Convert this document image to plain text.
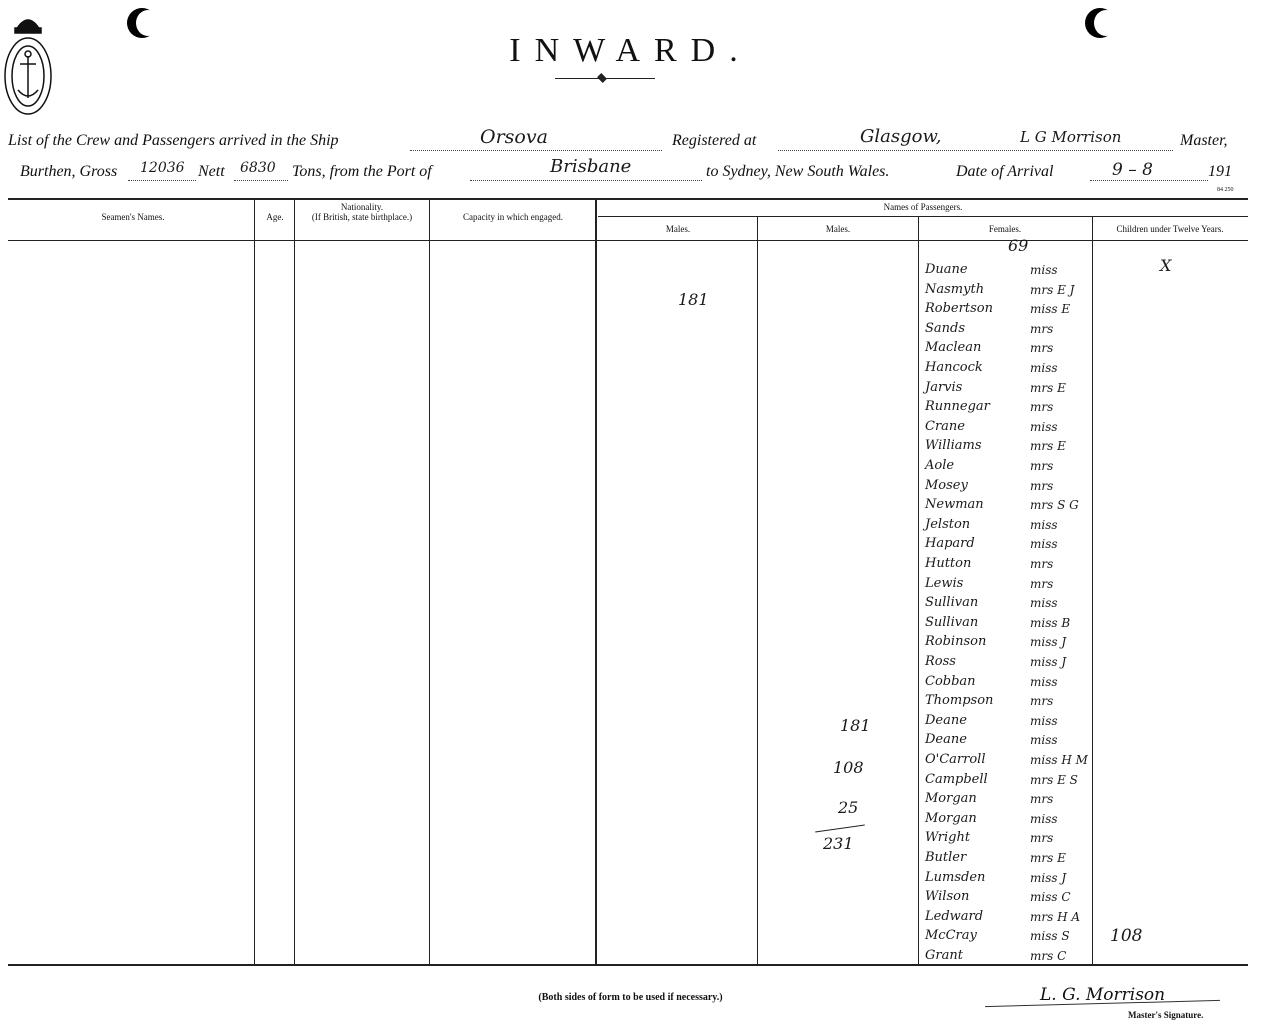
INWARD.
List of the Crew and Passengers arrived in the Ship	Orsova	Registered at	Glasgow,	L G Morrison	Master,
Burthen, Gross 12036 Nett 6830 Tons, from the Port of	Brisbane	to Sydney, New South Wales.	Date of Arrival	9 – 8	191
84 250
Seamen's Names.	Age.
Nationality.
(If British, state birthplace.)	Capacity in which engaged.
Names of Passengers.
Males.	Males.	Females.	Children under Twelve Years.
69
X
181
181
108
25
231
108
Duane	miss
Nasmyth	mrs E J
Robertson	miss E
Sands	mrs
Maclean	mrs
Hancock	miss
Jarvis	mrs E
Runnegar	mrs
Crane	miss
Williams	mrs E
Aole	mrs
Mosey	mrs
Newman	mrs S G
Jelston	miss
Hapard	miss
Hutton	mrs
Lewis	mrs
Sullivan	miss
Sullivan	miss B
Robinson	miss J
Ross	miss J
Cobban	miss
Thompson	mrs
Deane	miss
Deane	miss
O'Carroll	miss H M
Campbell	mrs E S
Morgan	mrs
Morgan	miss
Wright	mrs
Butler	mrs E
Lumsden	miss J
Wilson	miss C
Ledward	mrs H A
McCray	miss S
Grant	mrs C
(Both sides of form to be used if necessary.)	L. G. Morrison
Master's Signature.
